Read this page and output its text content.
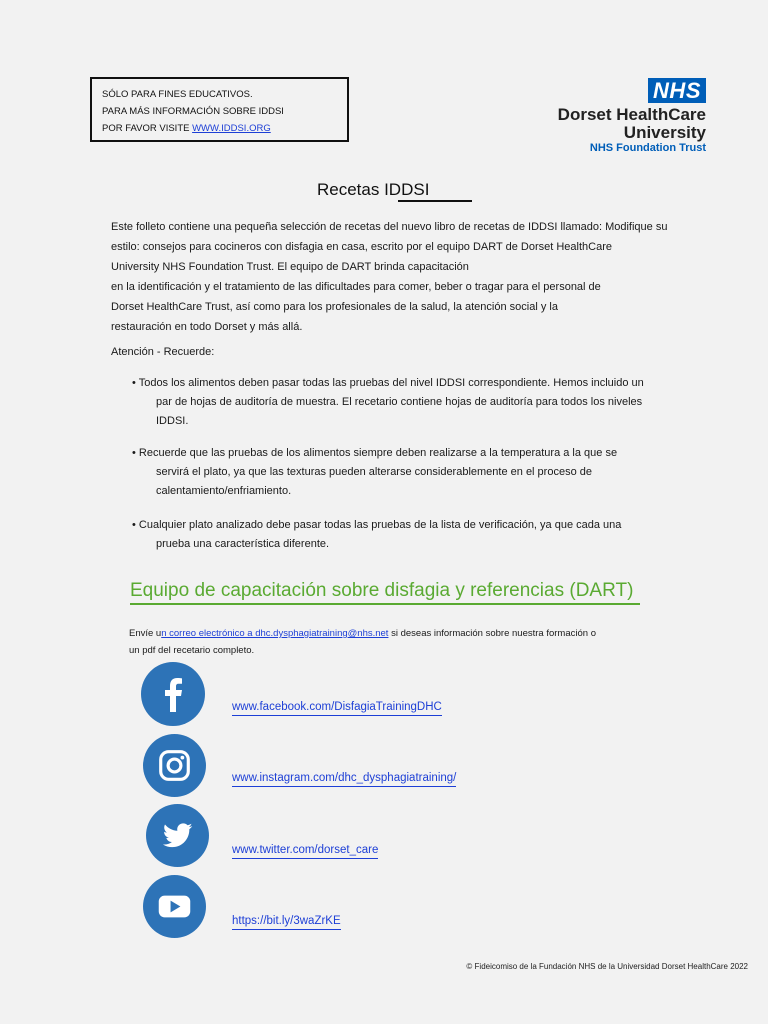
SÓLO PARA FINES EDUCATIVOS.
PARA MÁS INFORMACIÓN SOBRE IDDSI
POR FAVOR VISITE WWW.IDDSI.ORG
NHS
Dorset HealthCare
University
NHS Foundation Trust
Recetas IDDSI
Este folleto contiene una pequeña selección de recetas del nuevo libro de recetas de IDDSI llamado: Modifique su
estilo: consejos para cocineros con disfagia en casa, escrito por el equipo DART de Dorset HealthCare
University NHS Foundation Trust. El equipo de DART brinda capacitación
en la identificación y el tratamiento de las dificultades para comer, beber o tragar para el personal de
Dorset HealthCare Trust, así como para los profesionales de la salud, la atención social y la
restauración en todo Dorset y más allá.
Atención - Recuerde:
• Todos los alimentos deben pasar todas las pruebas del nivel IDDSI correspondiente. Hemos incluido un
par de hojas de auditoría de muestra. El recetario contiene hojas de auditoría para todos los niveles
IDDSI.
• Recuerde que las pruebas de los alimentos siempre deben realizarse a la temperatura a la que se
servirá el plato, ya que las texturas pueden alterarse considerablemente en el proceso de
calentamiento/enfriamiento.
• Cualquier plato analizado debe pasar todas las pruebas de la lista de verificación, ya que cada una
prueba una característica diferente.
Equipo de capacitación sobre disfagia y referencias (DART)
Envíe un correo electrónico a dhc.dysphagiatraining@nhs.net si deseas información sobre nuestra formación o
un pdf del recetario completo.
www.facebook.com/DisfagiaTrainingDHC
www.instagram.com/dhc_dysphagiatraining/
www.twitter.com/dorset_care
https://bit.ly/3waZrKE
© Fideicomiso de la Fundación NHS de la Universidad Dorset HealthCare 2022
